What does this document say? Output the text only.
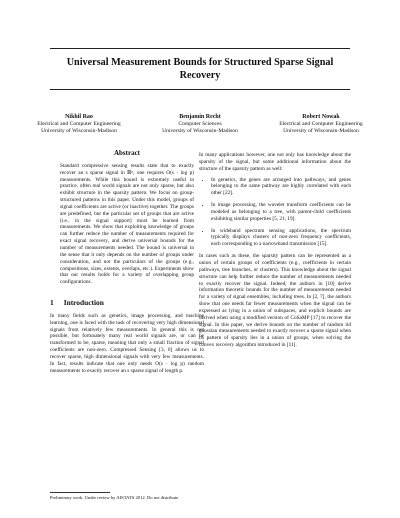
Universal Measurement Bounds for Structured Sparse Signal Recovery
Nikhil Rao
Electrical and Computer Engineering
University of Wisconsin-Madison
Benjamin Recht
Computer Sciences
University of Wisconsin-Madison
Robert Nowak
Electrical and Computer Engineering
University of Wisconsin-Madison
Abstract

Standard compressive sensing results state that to exactly recover an s sparse signal in ℝᵖ, one requires O(s · log p) measurements. While this bound is extremely useful in practice, often real world signals are not only sparse, but also exhibit structure in the sparsity pattern. We focus on group-structured patterns in this paper. Under this model, groups of signal coefficients are active (or inactive) together. The groups are predefined, but the particular set of groups that are active (i.e., in the signal support) must be learned from measurements. We show that exploiting knowledge of groups can further reduce the number of measurements required for exact signal recovery, and derive universal bounds for the number of measurements needed. The bound is universal in the sense that it only depends on the number of groups under consideration, and not the particulars of the groups (e.g., compositions, sizes, extents, overlaps, etc.). Experiments show that our results holds for a variety of overlapping group configurations.

1 Introduction

In many fields such as genetics, image processing, and machine learning, one is faced with the task of recovering very high dimensional signals from relatively few measurements. In general this is not possible, but fortunately many real world signals are, or can be transformed to be, sparse, meaning that only a small fraction of signal coefficients are non-zero. Compressed Sensing [3, 6] allows us to recover sparse, high dimensional signals with very few measurements. In fact, results indicate that one only needs O(s · log p) random measurements to exactly recover an s sparse signal of length p.

In many applications however, one not only has knowledge about the sparsity of the signal, but some additional information about the structure of the sparsity pattern as well:

• In genetics, the genes are arranged into pathways, and genes belonging to the same pathway are highly correlated with each other [22].
• In image processing, the wavelet transform coefficients can be modeled as belonging to a tree, with parent-child coefficients exhibiting similar properties [5, 21, 19].
• In wideband spectrum sensing applications, the spectrum typically displays clusters of non-zero frequency coefficients, each corresponding to a narrowband transmission [15].

In cases such as these, the sparsity pattern can be represented as a union of certain groups of coefficients (e.g., coefficients in certain pathways, tree branches, or clusters). This knowledge about the signal structure can help further reduce the number of measurements needed to exactly recover the signal. Indeed, the authors in [10] derive information theoretic bounds for the number of measurements needed for a variety of signal ensembles, including trees. In [2, 7], the authors show that one needs far fewer measurements when the signal can be expressed as lying in a union of subspaces, and explicit bounds are derived when using a modified version of CoSaMP [17] to recover the signal. In this paper, we derive bounds on the number of random iid gaussian measurements needed to exactly recover a sparse signal when its pattern of sparsity lies in a union of groups, when solving the convex recovery algorithm introduced in [11].

Preliminary work. Under review by AISTATS 2012. Do not distribute.
